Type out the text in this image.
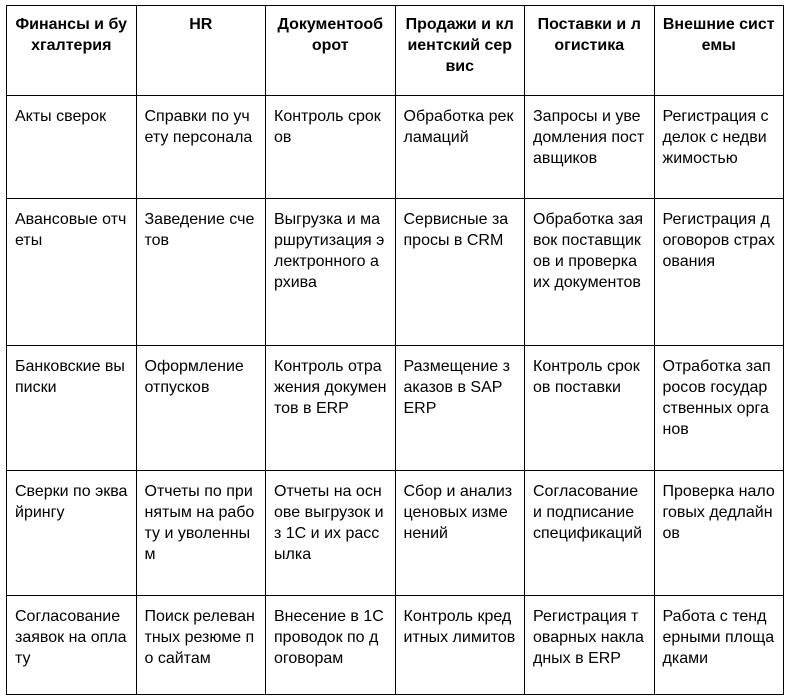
Финансы и бухгалтерия	HR	Документооборот	Продажи и клиентский сервис	Поставки и логистика	Внешние системы
Акты сверок	Справки по учету персонала	Контроль сроков	Обработка рекламаций	Запросы и уведомления поставщиков	Регистрация сделок с недвижимостью
Авансовые отчеты	Заведение счетов	Выгрузка и маршрутизация электронного архива	Сервисные запросы в CRM	Обработка заявок поставщиков и проверка их документов	Регистрация договоров страхования
Банковские выписки	Оформление отпусков	Контроль отражения документов в ERP	Размещение заказов в SAP ERP	Контроль сроков поставки	Отработка запросов государственных органов
Сверки по эквайрингу	Отчеты по принятым на работу и уволенным	Отчеты на основе выгрузок из 1С и их рассылка	Сбор и анализ ценовых изменений	Согласование и подписание спецификаций	Проверка налоговых дедлайнов
Согласование заявок на оплату	Поиск релевантных резюме по сайтам	Внесение в 1С проводок по договорам	Контроль кредитных лимитов	Регистрация товарных накладных в ERP	Работа с тендерными площадками
